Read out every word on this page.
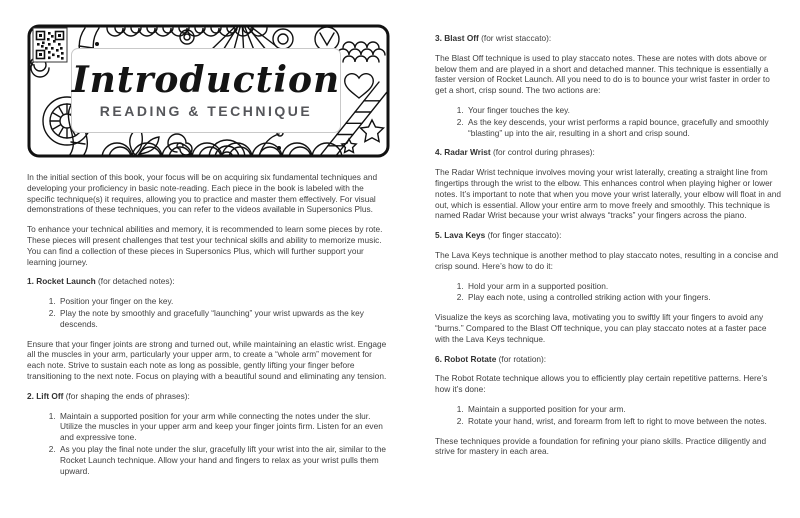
Introduction
READING & TECHNIQUE

In the initial section of this book, your focus will be on acquiring six fundamental techniques and developing your proficiency in basic note-reading. Each piece in the book is labeled with the specific technique(s) it requires, allowing you to practice and master them effectively. For visual demonstrations of these techniques, you can refer to the videos available in Supersonics Plus.

To enhance your technical abilities and memory, it is recommended to learn some pieces by rote. These pieces will present challenges that test your technical skills and ability to memorize music. You can find a collection of these pieces in Supersonics Plus, which will further support your learning journey.

1. Rocket Launch (for detached notes):

1. Position your finger on the key.
2. Play the note by smoothly and gracefully “launching” your wrist upwards as the key descends.

Ensure that your finger joints are strong and turned out, while maintaining an elastic wrist. Engage all the muscles in your arm, particularly your upper arm, to create a “whole arm” movement for each note. Strive to sustain each note as long as possible, gently lifting your finger before transitioning to the next note. Focus on playing with a beautiful sound and eliminating any tension.

2. Lift Off (for shaping the ends of phrases):

1. Maintain a supported position for your arm while connecting the notes under the slur. Utilize the muscles in your upper arm and keep your finger joints firm. Listen for an even and expressive tone.
2. As you play the final note under the slur, gracefully lift your wrist into the air, similar to the Rocket Launch technique. Allow your hand and fingers to relax as your wrist pulls them upward.

3. Blast Off (for wrist staccato):

The Blast Off technique is used to play staccato notes. These are notes with dots above or below them and are played in a short and detached manner. This technique is essentially a faster version of Rocket Launch. All you need to do is to bounce your wrist faster in order to get a short, crisp sound. The two actions are:

1. Your finger touches the key.
2. As the key descends, your wrist performs a rapid bounce, gracefully and smoothly “blasting” up into the air, resulting in a short and crisp sound.

4. Radar Wrist (for control during phrases):

The Radar Wrist technique involves moving your wrist laterally, creating a straight line from fingertips through the wrist to the elbow. This enhances control when playing higher or lower notes. It’s important to note that when you move your wrist laterally, your elbow will float in and out, which is essential. Allow your entire arm to move freely and smoothly. This technique is named Radar Wrist because your wrist always “tracks” your fingers across the piano.

5. Lava Keys (for finger staccato):

The Lava Keys technique is another method to play staccato notes, resulting in a concise and crisp sound. Here’s how to do it:

1. Hold your arm in a supported position.
2. Play each note, using a controlled striking action with your fingers.

Visualize the keys as scorching lava, motivating you to swiftly lift your fingers to avoid any “burns.” Compared to the Blast Off technique, you can play staccato notes at a faster pace with the Lava Keys technique.

6. Robot Rotate (for rotation):

The Robot Rotate technique allows you to efficiently play certain repetitive patterns. Here’s how it’s done:

1. Maintain a supported position for your arm.
2. Rotate your hand, wrist, and forearm from left to right to move between the notes.

These techniques provide a foundation for refining your piano skills. Practice diligently and strive for mastery in each area.
